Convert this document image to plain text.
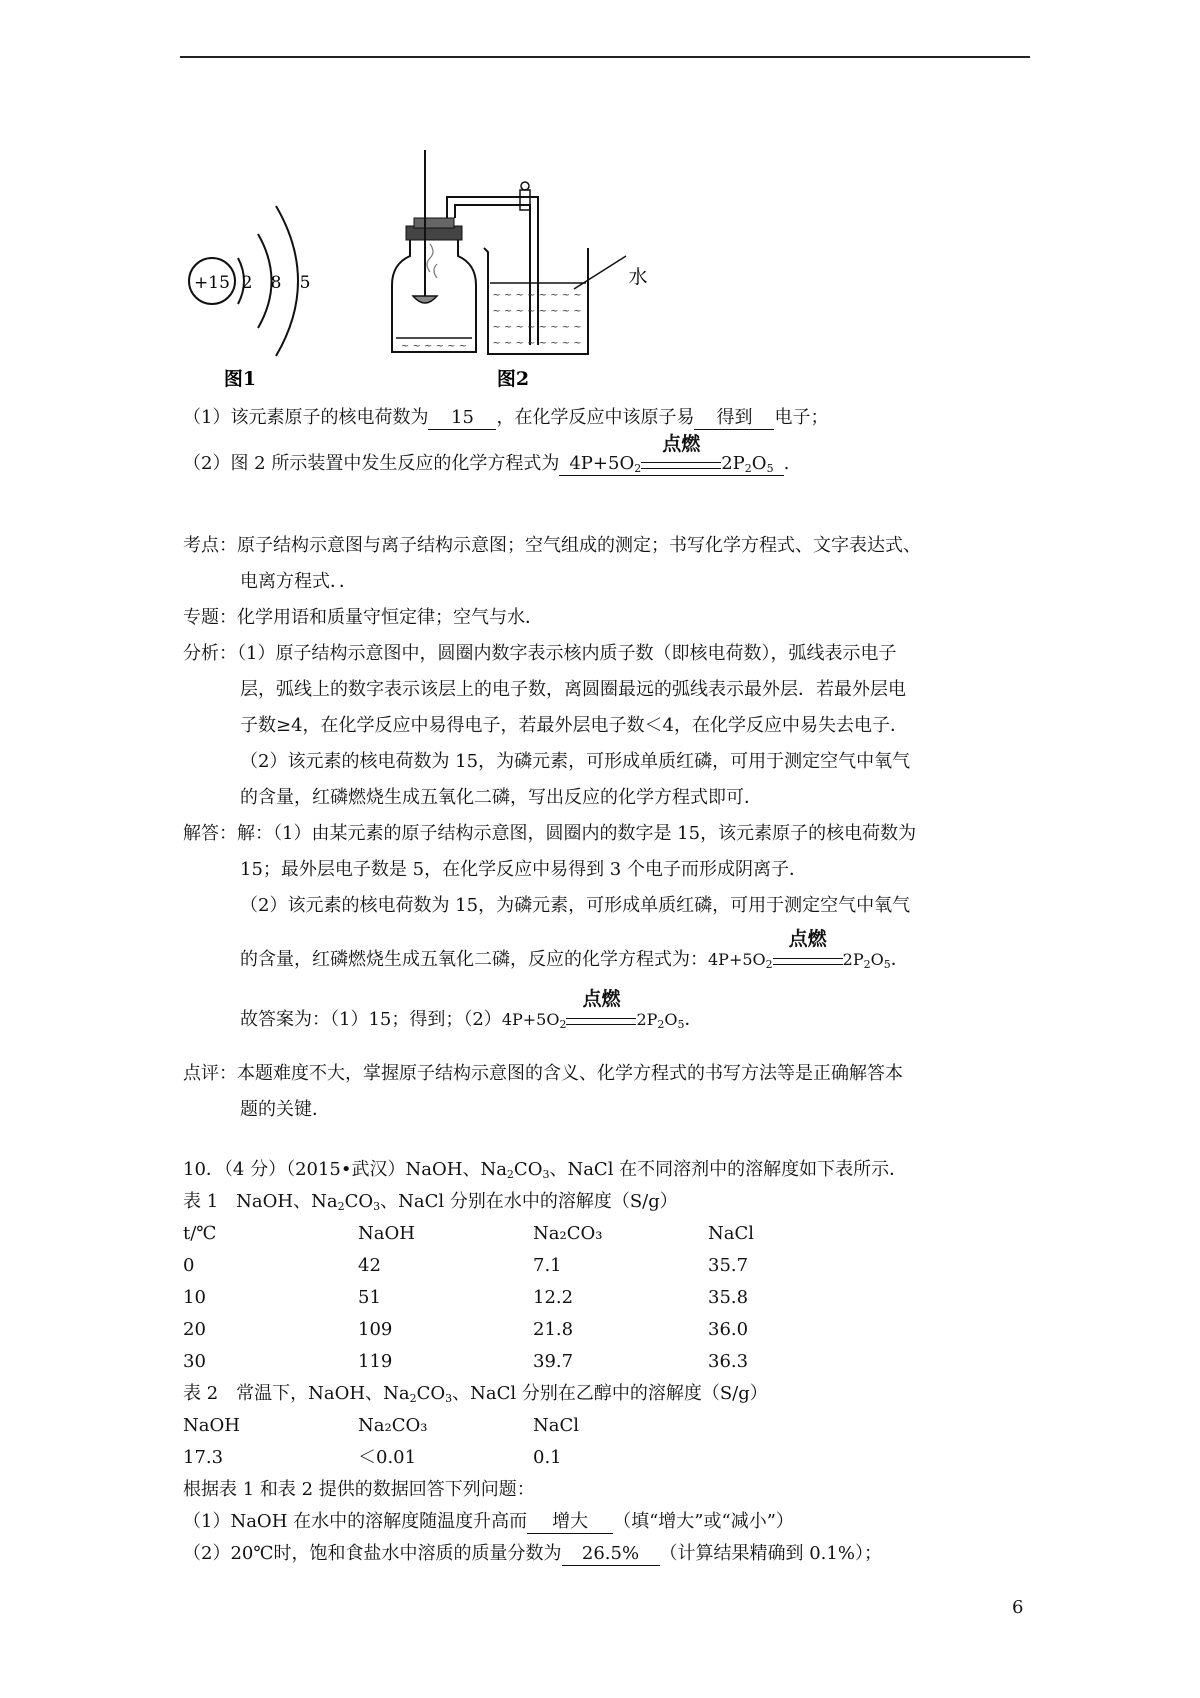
+15 2 8 5
图1
~ ~ ~ ~ ~ ~
~ ~ ~ ~ ~ ~ ~ ~
~ ~ ~ ~ ~ ~ ~ ~
~ ~ ~ ~ ~ ~ ~ ~
~ ~ ~ ~ ~ ~ ~ ~
水
图2
（1）该元素原子的核电荷数为 15 ，在化学反应中该原子易 得到 电子；
（2）图 2 所示装置中发生反应的化学方程式为 $4P+5O_2$
点燃
$2P_2O_5$ .
考点：原子结构示意图与离子结构示意图；空气组成的测定；书写化学方程式、文字表达式、
电离方程式．．
专题：化学用语和质量守恒定律；空气与水．
分析：（1）原子结构示意图中，圆圈内数字表示核内质子数（即核电荷数），弧线表示电子
层，弧线上的数字表示该层上的电子数，离圆圈最远的弧线表示最外层．若最外层电
子数≥4，在化学反应中易得电子，若最外层电子数＜4，在化学反应中易失去电子．
（2）该元素的核电荷数为 15，为磷元素，可形成单质红磷，可用于测定空气中氧气
的含量，红磷燃烧生成五氧化二磷，写出反应的化学方程式即可．
解答：解：（1）由某元素的原子结构示意图，圆圈内的数字是 15，该元素原子的核电荷数为
15；最外层电子数是 5，在化学反应中易得到 3 个电子而形成阴离子．
（2）该元素的核电荷数为 15，为磷元素，可形成单质红磷，可用于测定空气中氧气
的含量，红磷燃烧生成五氧化二磷，反应的化学方程式为：$4P+5O_2$
点燃
$2P_2O_5$．
故答案为：（1）15；得到；$(2)4P+5O_2$
点燃
$2P_2O_5$．
点评：本题难度不大，掌握原子结构示意图的含义、化学方程式的书写方法等是正确解答本
题的关键．
10．（4 分）（2015•武汉）NaOH、$Na_2CO_3$、NaCl 在不同溶剂中的溶解度如下表所示．
表 1　NaOH、$Na_2CO_3$、NaCl 分别在水中的溶解度（S/g）
t/℃	NaOH	Na₂CO₃	NaCl
0	42	7.1	35.7
10	51	12.2	35.8
20	109	21.8	36.0
30	119	39.7	36.3
表 2　常温下，NaOH、$Na_2CO_3$、NaCl 分别在乙醇中的溶解度（S/g）
NaOH	Na₂CO₃	NaCl
17.3	＜0.01	0.1
根据表 1 和表 2 提供的数据回答下列问题：
（1）NaOH 在水中的溶解度随温度升高而 增大 （填“增大”或“减小”）
（2）20℃时，饱和食盐水中溶质的质量分数为 26.5% （计算结果精确到 0.1%）；
6
